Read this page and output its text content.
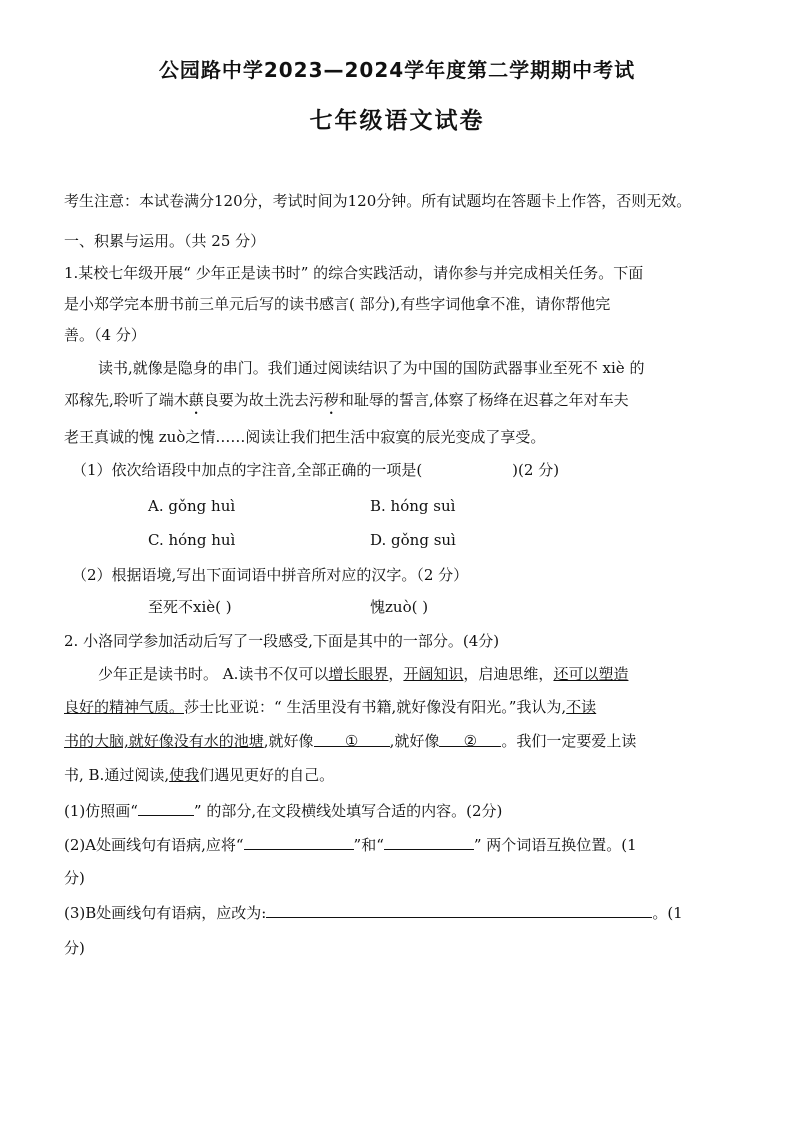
公园路中学2023—2024学年度第二学期期中考试
七年级语文试卷
考生注意：本试卷满分120分，考试时间为120分钟。所有试题均在答题卡上作答，否则无效。
一、积累与运用。（共 25 分）
1.某校七年级开展“ 少年正是读书时” 的综合实践活动，请你参与并完成相关任务。下面
是小郑学完本册书前三单元后写的读书感言( 部分),有些字词他拿不准，请你帮他完
善。（4 分）
读书,就像是隐身的串门。我们通过阅读结识了为中国的国防武器事业至死不 xiè 的
邓稼先,聆听了端木蕻良要为故土洗去污秽和耻辱的誓言,体察了杨绛在迟暮之年对车夫
老王真诚的愧 zuò之情……阅读让我们把生活中寂寞的辰光变成了享受。
（1）依次给语段中加点的字注音,全部正确的一项是(	)(2 分)
A. gǒng huì	B. hóng suì
C. hóng huì	D. gǒng suì
（2）根据语境,写出下面词语中拼音所对应的汉字。（2 分）
至死不xiè( )	愧zuò( )
2. 小洛同学参加活动后写了一段感受,下面是其中的一部分。(4分)
少年正是读书时。 A.读书不仅可以增长眼界，开阔知识，启迪思维，还可以塑造
良好的精神气质。莎士比亚说：“ 生活里没有书籍,就好像没有阳光。”我认为,不读
书的大脑,就好像没有水的池塘,就好像 ① ,就好像 ② 。我们一定要爱上读
书, B.通过阅读,使我们遇见更好的自己。
(1)仿照画“	” 的部分,在文段横线处填写合适的内容。(2分)
(2)A处画线句有语病,应将“	”和“	” 两个词语互换位置。(1
分)
(3)B处画线句有语病，应改为:	。(1
分)
